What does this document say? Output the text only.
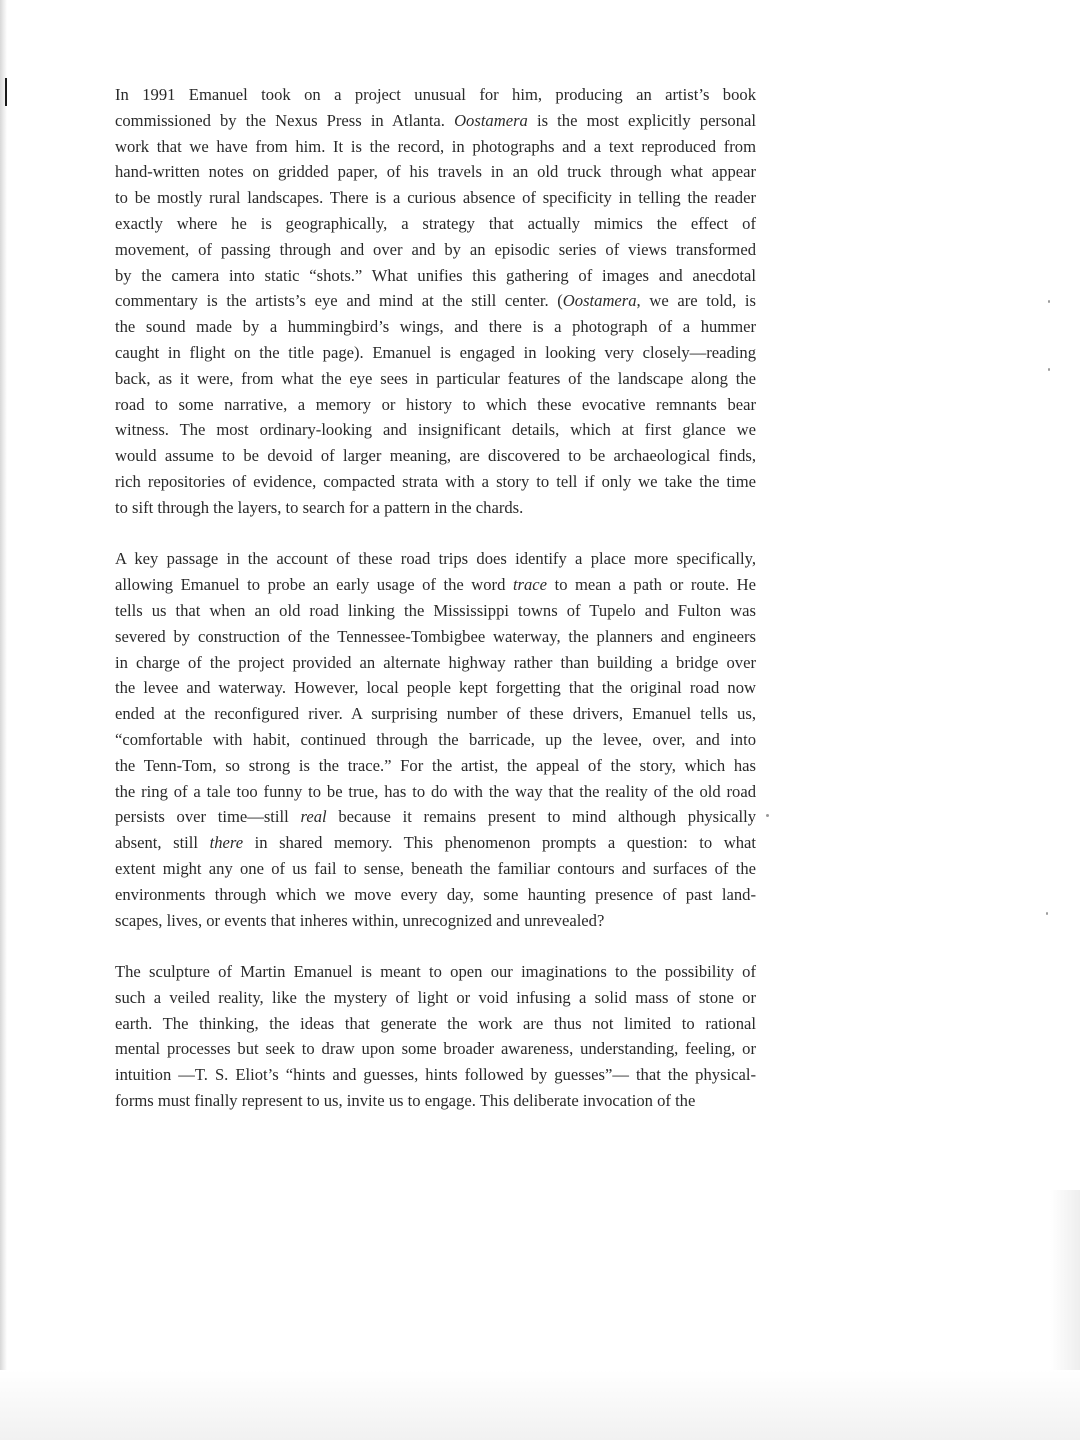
In 1991 Emanuel took on a project unusual for him, producing an artist’s book
commissioned by the Nexus Press in Atlanta. Oostamera is the most explicitly personal
work that we have from him. It is the record, in photographs and a text reproduced from
hand-written notes on gridded paper, of his travels in an old truck through what appear
to be mostly rural landscapes. There is a curious absence of specificity in telling the reader
exactly where he is geographically, a strategy that actually mimics the effect of
movement, of passing through and over and by an episodic series of views transformed
by the camera into static “shots.” What unifies this gathering of images and anecdotal
commentary is the artists’s eye and mind at the still center. (Oostamera, we are told, is
the sound made by a hummingbird’s wings, and there is a photograph of a hummer
caught in flight on the title page). Emanuel is engaged in looking very closely—reading
back, as it were, from what the eye sees in particular features of the landscape along the
road to some narrative, a memory or history to which these evocative remnants bear
witness. The most ordinary-looking and insignificant details, which at first glance we
would assume to be devoid of larger meaning, are discovered to be archaeological finds,
rich repositories of evidence, compacted strata with a story to tell if only we take the time
to sift through the layers, to search for a pattern in the chards.

A key passage in the account of these road trips does identify a place more specifically,
allowing Emanuel to probe an early usage of the word trace to mean a path or route. He
tells us that when an old road linking the Mississippi towns of Tupelo and Fulton was
severed by construction of the Tennessee-Tombigbee waterway, the planners and engineers
in charge of the project provided an alternate highway rather than building a bridge over
the levee and waterway. However, local people kept forgetting that the original road now
ended at the reconfigured river. A surprising number of these drivers, Emanuel tells us,
“comfortable with habit, continued through the barricade, up the levee, over, and into
the Tenn-Tom, so strong is the trace.” For the artist, the appeal of the story, which has
the ring of a tale too funny to be true, has to do with the way that the reality of the old road
persists over time—still real because it remains present to mind although physically
absent, still there in shared memory. This phenomenon prompts a question: to what
extent might any one of us fail to sense, beneath the familiar contours and surfaces of the
environments through which we move every day, some haunting presence of past land-
scapes, lives, or events that inheres within, unrecognized and unrevealed?

The sculpture of Martin Emanuel is meant to open our imaginations to the possibility of
such a veiled reality, like the mystery of light or void infusing a solid mass of stone or
earth. The thinking, the ideas that generate the work are thus not limited to rational
mental processes but seek to draw upon some broader awareness, understanding, feeling, or
intuition —T. S. Eliot’s “hints and guesses, hints followed by guesses”— that the physical-
forms must finally represent to us, invite us to engage. This deliberate invocation of the
